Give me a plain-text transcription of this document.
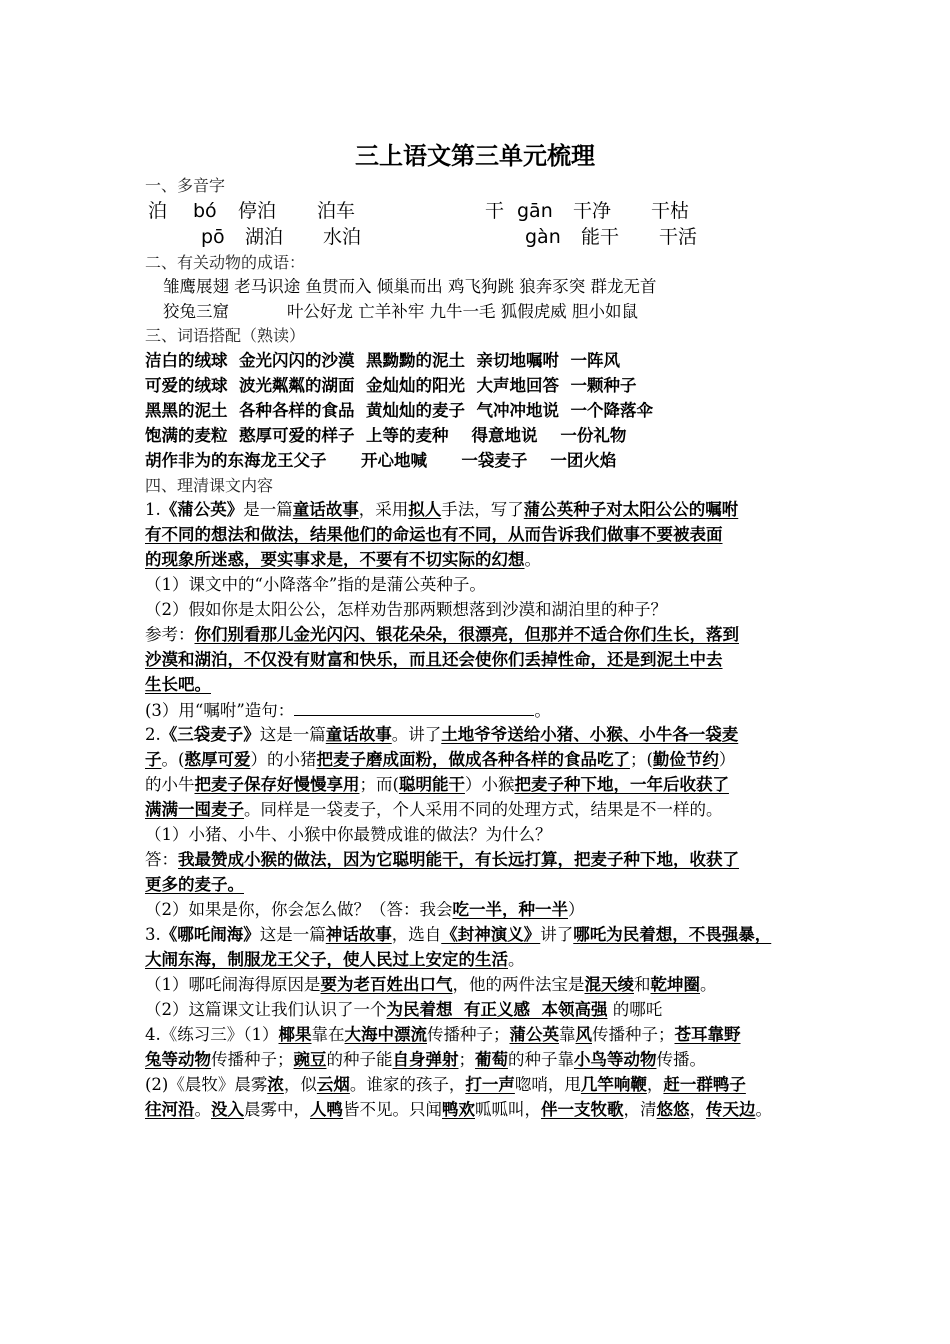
三上语文第三单元梳理
一、多音字
泊 bó 停泊 泊车	干 gān 干净 干枯
pō 湖泊 水泊	gàn 能干 干活
二、有关动物的成语：
雏鹰展翅 老马识途 鱼贯而入 倾巢而出 鸡飞狗跳 狼奔豕突 群龙无首
狡兔三窟	叶公好龙 亡羊补牢 九牛一毛 狐假虎威 胆小如鼠
三、词语搭配（熟读）
洁白的绒球  金光闪闪的沙漠  黑黝黝的泥土  亲切地嘱咐  一阵风
可爱的绒球  波光粼粼的湖面  金灿灿的阳光  大声地回答  一颗种子
黑黑的泥土  各种各样的食品  黄灿灿的麦子  气冲冲地说  一个降落伞
饱满的麦粒  憨厚可爱的样子  上等的麦种    得意地说    一份礼物
胡作非为的东海龙王父子      开心地喊      一袋麦子    一团火焰
四、理清课文内容
1.《蒲公英》是一篇童话故事，采用拟人手法，写了蒲公英种子对太阳公公的嘱咐
有不同的想法和做法，结果他们的命运也有不同，从而告诉我们做事不要被表面
的现象所迷惑，要实事求是，不要有不切实际的幻想。
（1）课文中的“小降落伞”指的是蒲公英种子。
（2）假如你是太阳公公，怎样劝告那两颗想落到沙漠和湖泊里的种子？
参考：你们别看那儿金光闪闪、银花朵朵，很漂亮，但那并不适合你们生长，落到
沙漠和湖泊，不仅没有财富和快乐，而且还会使你们丢掉性命，还是到泥土中去
生长吧。
(3）用“嘱咐”造句：	。
2.《三袋麦子》这是一篇童话故事。讲了土地爷爷送给小猪、小猴、小牛各一袋麦
子。(憨厚可爱）的小猪把麦子磨成面粉，做成各种各样的食品吃了；(勤俭节约）
的小牛把麦子保存好慢慢享用；而(聪明能干）小猴把麦子种下地，一年后收获了
满满一囤麦子。同样是一袋麦子，个人采用不同的处理方式，结果是不一样的。
（1）小猪、小牛、小猴中你最赞成谁的做法？为什么？
答：我最赞成小猴的做法，因为它聪明能干，有长远打算，把麦子种下地，收获了
更多的麦子。
（2）如果是你，你会怎么做？（答：我会吃一半，种一半）
3.《哪吒闹海》这是一篇神话故事，选自《封神演义》讲了哪吒为民着想，不畏强暴，
大闹东海，制服龙王父子，使人民过上安定的生活。
（1）哪吒闹海得原因是要为老百姓出口气，他的两件法宝是混天绫和乾坤圈。
（2）这篇课文让我们认识了一个为民着想  有正义感  本领高强 的哪吒
4.《练习三》（1）椰果靠在大海中漂流传播种子；蒲公英靠风传播种子；苍耳靠野
兔等动物传播种子；豌豆的种子能自身弹射；葡萄的种子靠小鸟等动物传播。
(2)《晨牧》晨雾浓，似云烟。谁家的孩子，打一声唿哨，甩几竿响鞭，赶一群鸭子
往河沿。没入晨雾中，人鸭皆不见。只闻鸭欢呱呱叫，伴一支牧歌，清悠悠，传天边。
